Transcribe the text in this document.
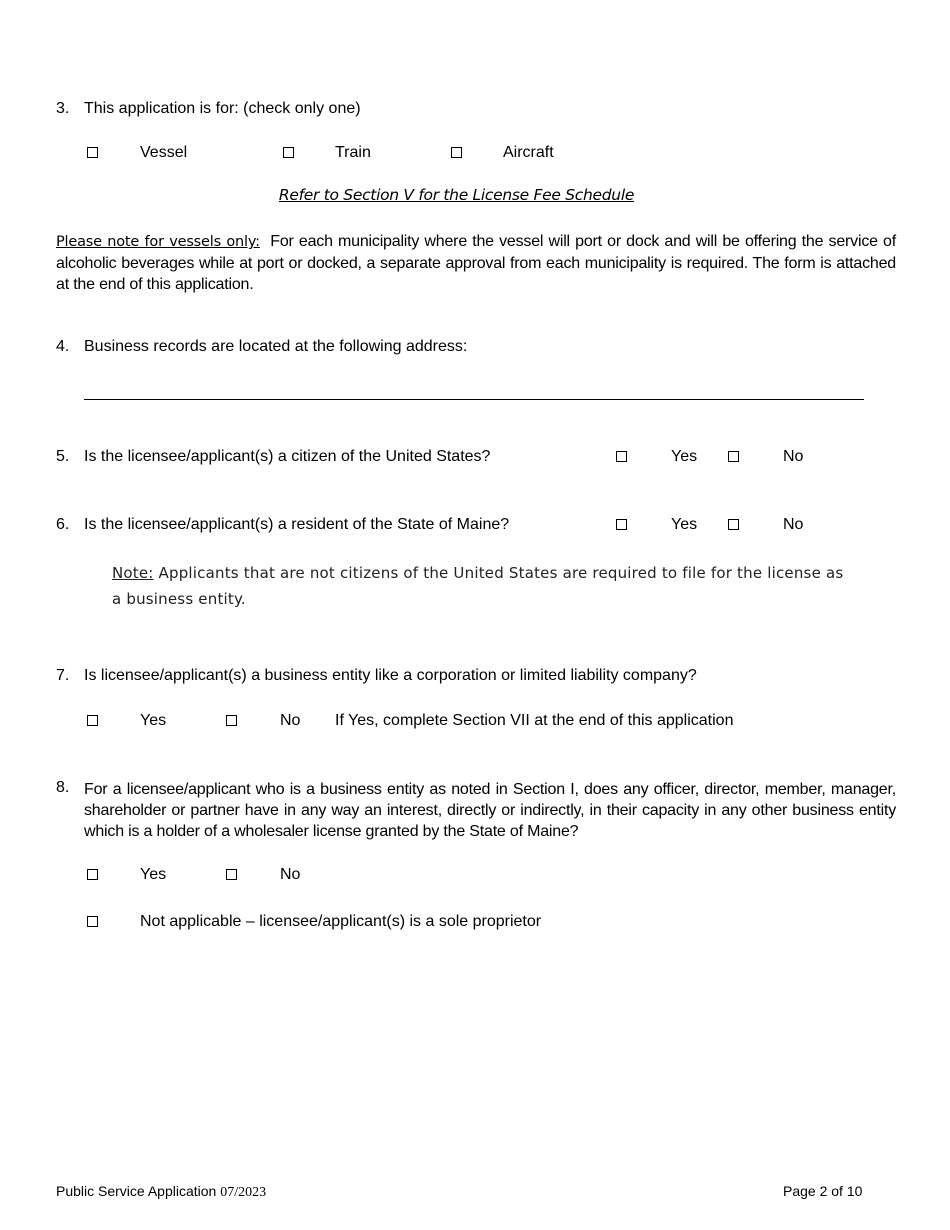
3. This application is for: (check only one)
Vessel	Train	Aircraft
Refer to Section V for the License Fee Schedule
Please note for vessels only: For each municipality where the vessel will port or dock and will be offering the service of alcoholic beverages while at port or docked, a separate approval from each municipality is required. The form is attached at the end of this application.
4. Business records are located at the following address:
5. Is the licensee/applicant(s) a citizen of the United States?	Yes	No
6. Is the licensee/applicant(s) a resident of the State of Maine?	Yes	No
Note: Applicants that are not citizens of the United States are required to file for the license as a business entity.
7. Is licensee/applicant(s) a business entity like a corporation or limited liability company?
Yes	No If Yes, complete Section VII at the end of this application
8. For a licensee/applicant who is a business entity as noted in Section I, does any officer, director, member, manager, shareholder or partner have in any way an interest, directly or indirectly, in their capacity in any other business entity which is a holder of a wholesaler license granted by the State of Maine?
Yes	No
Not applicable – licensee/applicant(s) is a sole proprietor
Public Service Application 07/2023	Page 2 of 10
